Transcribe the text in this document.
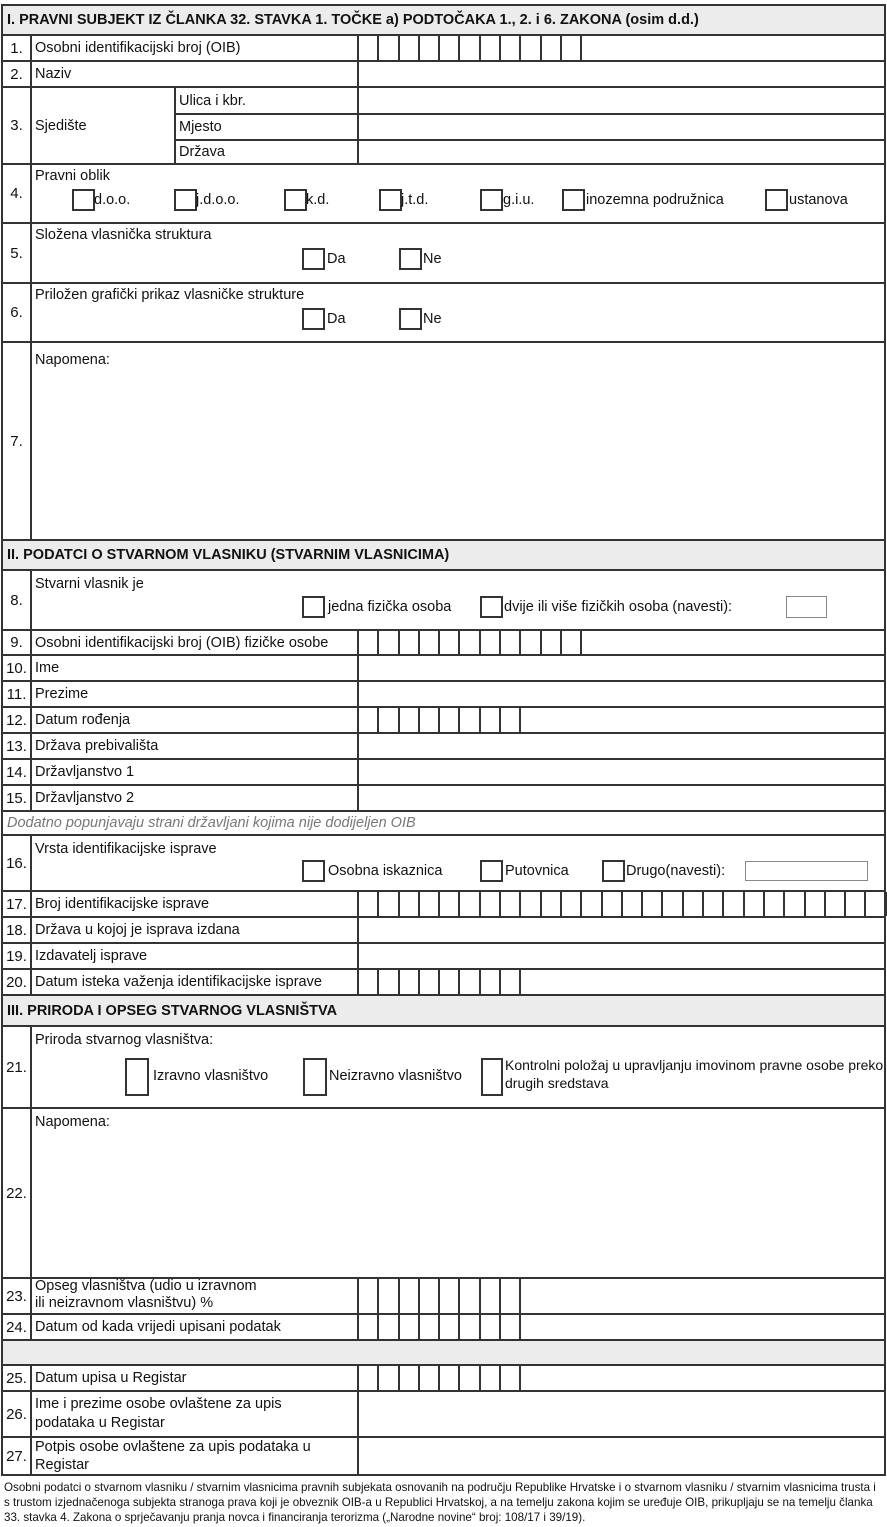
I. PRAVNI SUBJEKT IZ ČLANKA 32. STAVKA 1. TOČKE a) PODTOČAKA 1., 2. i 6. ZAKONA (osim d.d.)
1. Osobni identifikacijski broj (OIB)
2. Naziv
3. Sjedište
Ulica i kbr.
Mjesto
Država
4.
Pravni oblik
d.o.o.	j.d.o.o.	k.d.	j.t.d.	g.i.u.	inozemna podružnica	ustanova
5.
Složena vlasnička struktura
Da	Ne
6.
Priložen grafički prikaz vlasničke strukture
Da	Ne
7.
Napomena:
II. PODATCI O STVARNOM VLASNIKU (STVARNIM VLASNICIMA)
8.
Stvarni vlasnik je
jedna fizička osoba	dvije ili više fizičkih osoba (navesti):
9. Osobni identifikacijski broj (OIB) fizičke osobe
10. Ime
11. Prezime
12. Datum rođenja
13. Država prebivališta
14. Državljanstvo 1
15. Državljanstvo 2
Dodatno popunjavaju strani državljani kojima nije dodijeljen OIB
16.
Vrsta identifikacijske isprave
Osobna iskaznica	Putovnica	Drugo(navesti):
17. Broj identifikacijske isprave
18. Država u kojoj je isprava izdana
19. Izdavatelj isprave
20. Datum isteka važenja identifikacijske isprave
III. PRIRODA I OPSEG STVARNOG VLASNIŠTVA
21.
Priroda stvarnog vlasništva:
Izravno vlasništvo	Neizravno vlasništvo
Kontrolni položaj u upravljanju imovinom pravne osobe preko drugih sredstava
22.
Napomena:
23.
Opseg vlasništva (udio u izravnom
ili neizravnom vlasništvu) %
24. Datum od kada vrijedi upisani podatak
25. Datum upisa u Registar
26.
Ime i prezime osobe ovlaštene za upis
podataka u Registar
27.
Potpis osobe ovlaštene za upis podataka u
Registar
Osobni podatci o stvarnom vlasniku / stvarnim vlasnicima pravnih subjekata osnovanih na području Republike Hrvatske i o stvarnom vlasniku / stvarnim vlasnicima trusta i s trustom izjednačenoga subjekta stranoga prava koji je obveznik OIB-a u Republici Hrvatskoj, a na temelju zakona kojim se uređuje OIB, prikupljaju se na temelju članka 33. stavka 4. Zakona o sprječavanju pranja novca i financiranja terorizma („Narodne novine“ broj: 108/17 i 39/19).
